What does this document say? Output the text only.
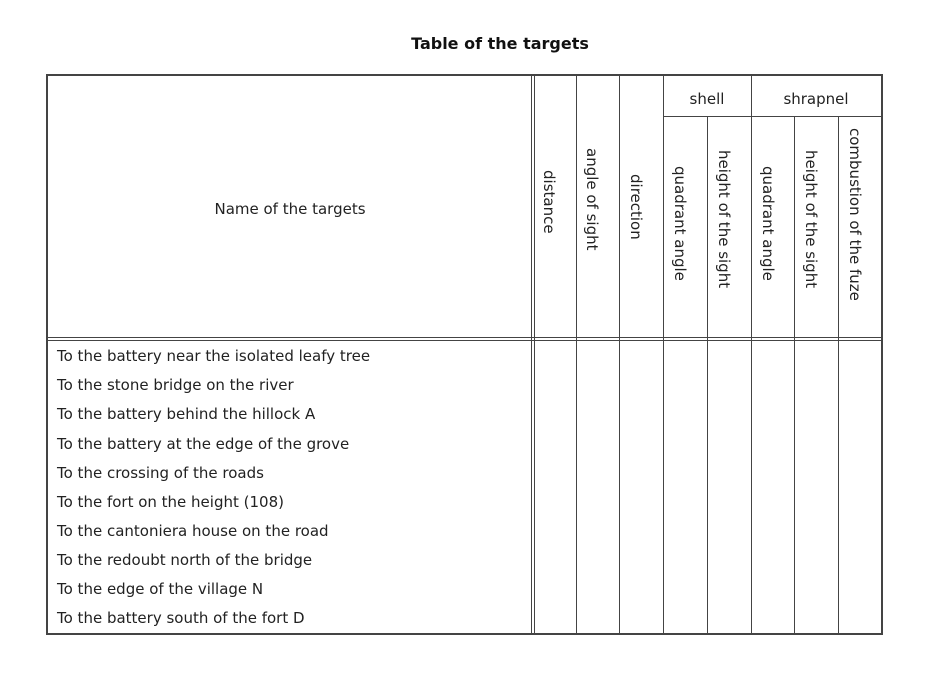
Table of the targets
Name of the targets
shell	shrapnel
distance angle of sight direction quadrant angle height of the sight quadrant angle height of the sight combustion of the fuze
To the battery near the isolated leafy tree
To the stone bridge on the river
To the battery behind the hillock A
To the battery at the edge of the grove
To the crossing of the roads
To the fort on the height (108)
To the cantoniera house on the road
To the redoubt north of the bridge
To the edge of the village N
To the battery south of the fort D
